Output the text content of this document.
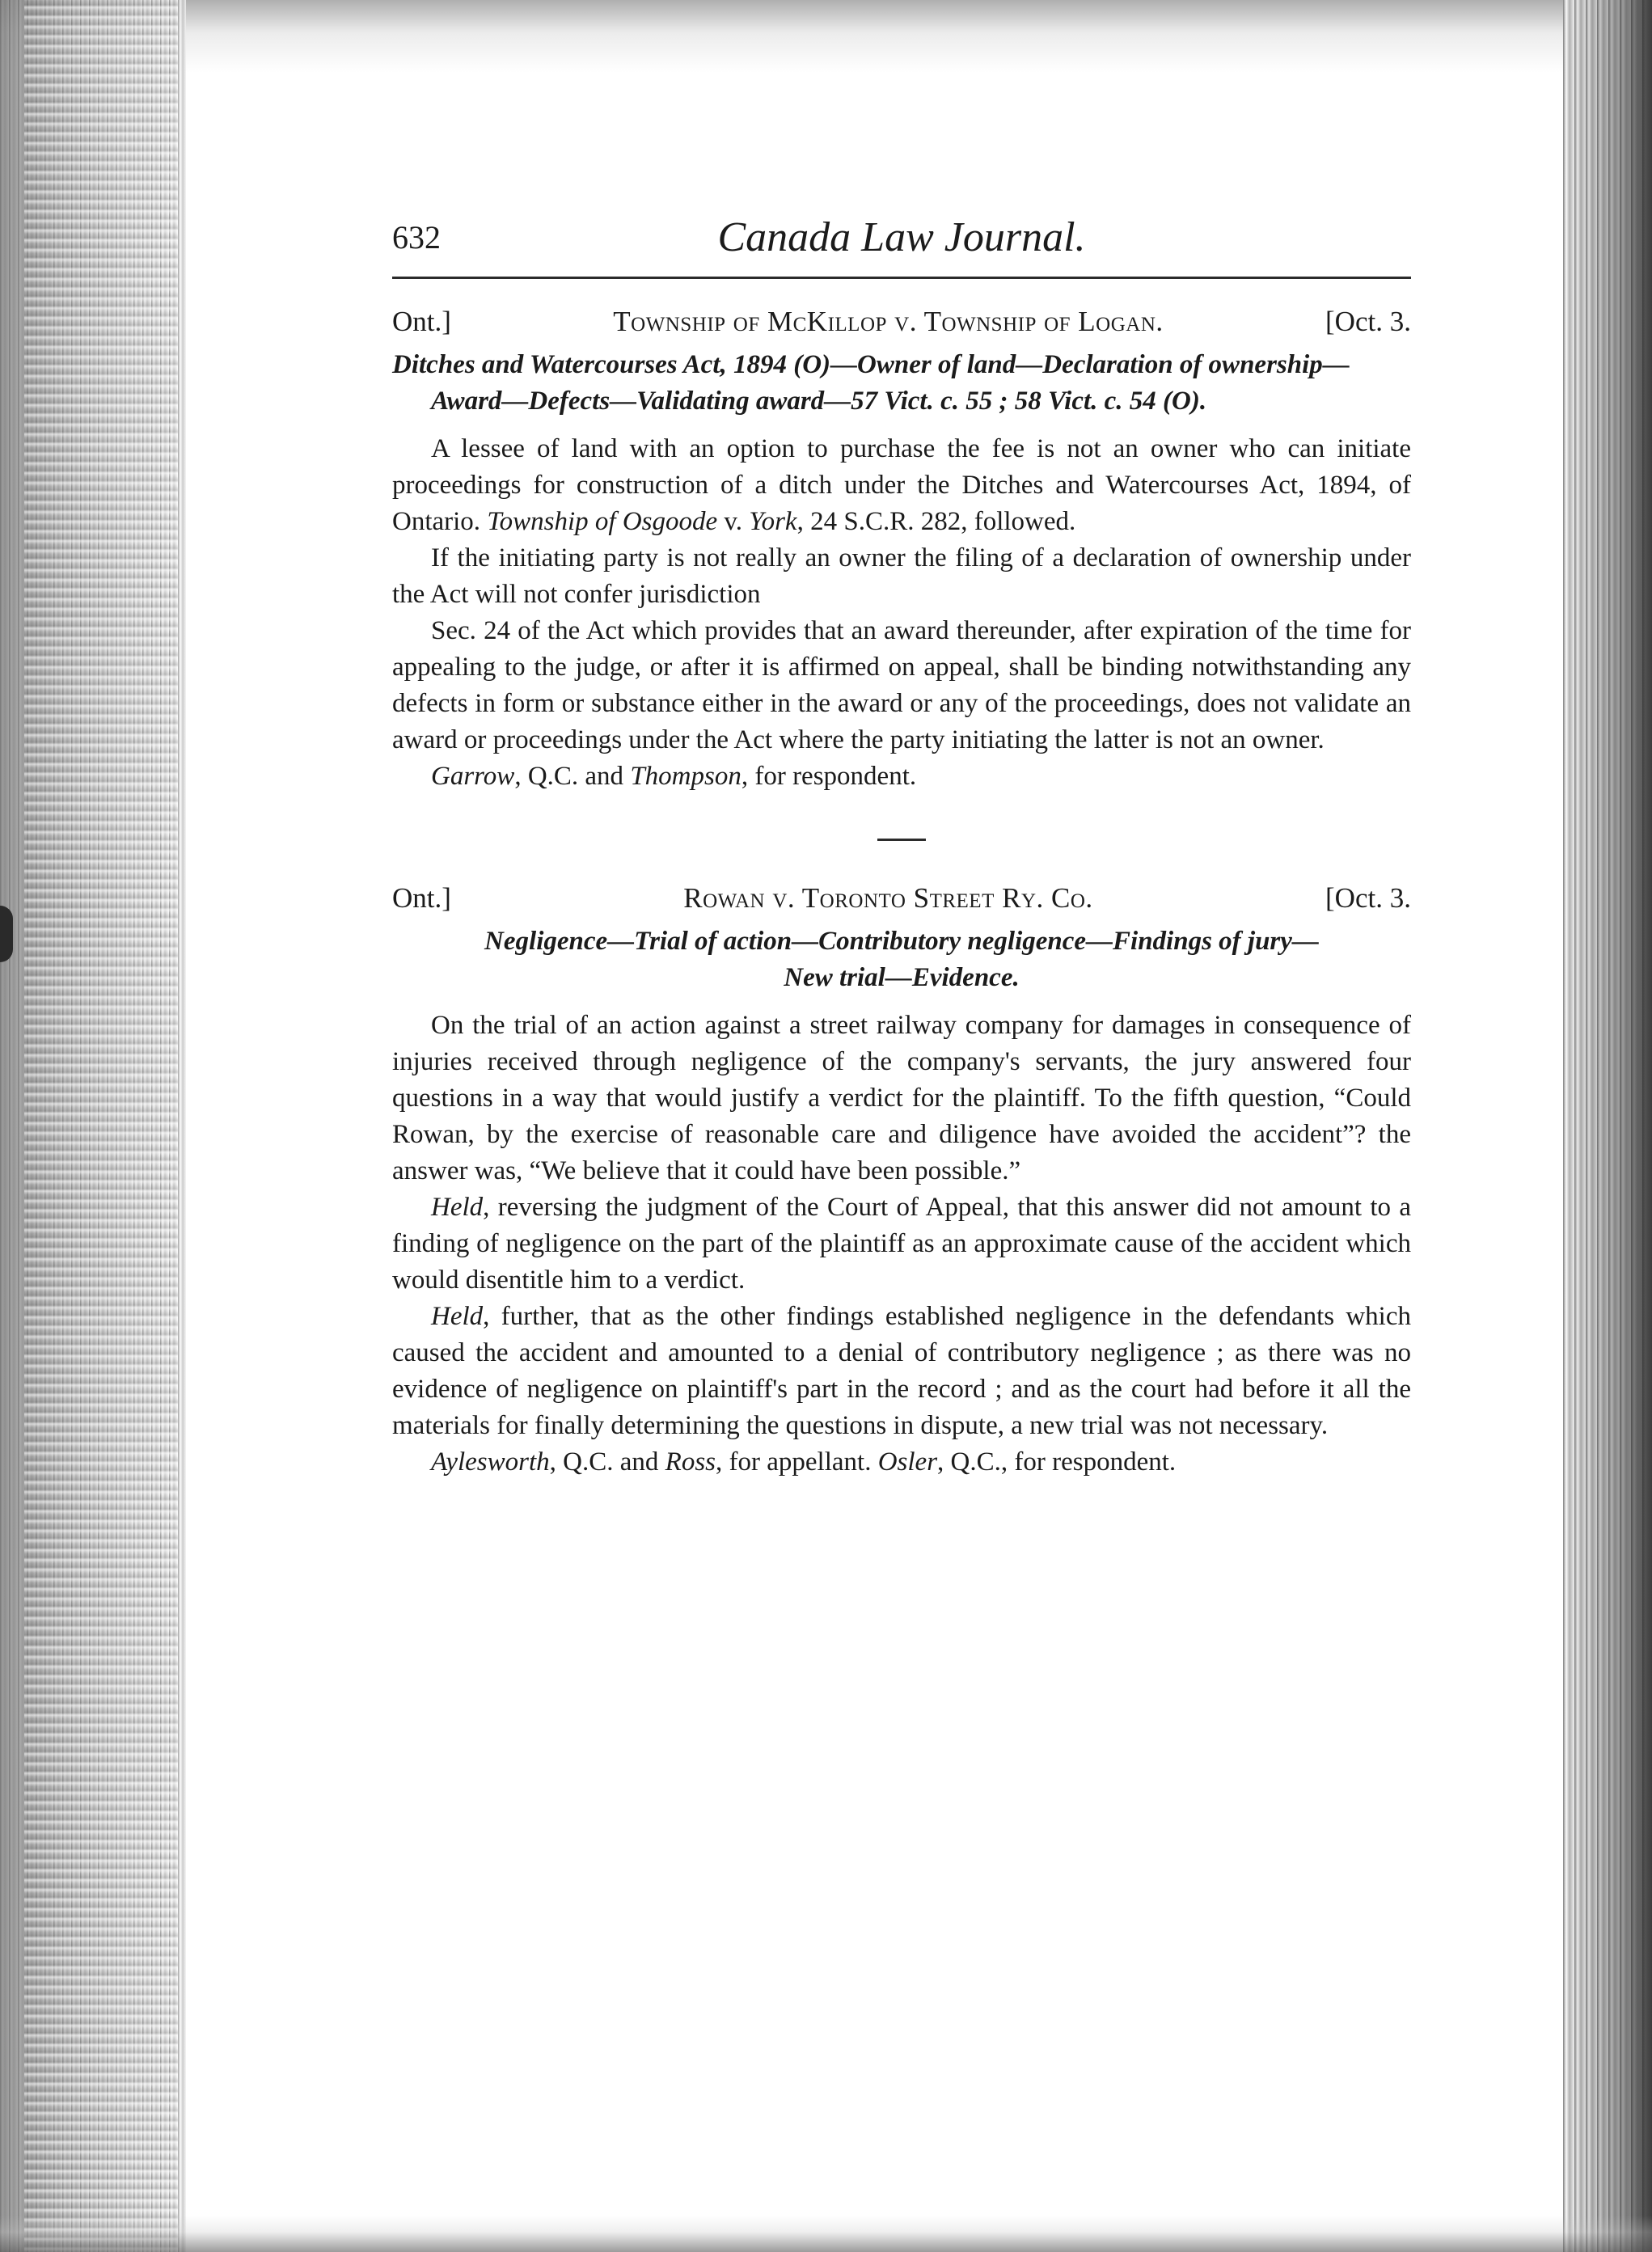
632	Canada Law Journal.
Ont.]	Township of McKillop v. Township of Logan.	[Oct. 3.
Ditches and Watercourses Act, 1894 (O)—Owner of land—Declaration of ownership—Award—Defects—Validating award—57 Vict. c. 55 ; 58 Vict. c. 54 (O).

A lessee of land with an option to purchase the fee is not an owner who can initiate proceedings for construction of a ditch under the Ditches and Watercourses Act, 1894, of Ontario. Township of Osgoode v. York, 24 S.C.R. 282, followed.

If the initiating party is not really an owner the filing of a declaration of ownership under the Act will not confer jurisdiction

Sec. 24 of the Act which provides that an award thereunder, after expiration of the time for appealing to the judge, or after it is affirmed on appeal, shall be binding notwithstanding any defects in form or substance either in the award or any of the proceedings, does not validate an award or proceedings under the Act where the party initiating the latter is not an owner.

Garrow, Q.C. and Thompson, for respondent.
Ont.]	Rowan v. Toronto Street Ry. Co.	[Oct. 3.
Negligence—Trial of action—Contributory negligence—Findings of jury—
New trial—Evidence.

On the trial of an action against a street railway company for damages in consequence of injuries received through negligence of the company's servants, the jury answered four questions in a way that would justify a verdict for the plaintiff. To the fifth question, “Could Rowan, by the exercise of reasonable care and diligence have avoided the accident”? the answer was, “We believe that it could have been possible.”

Held, reversing the judgment of the Court of Appeal, that this answer did not amount to a finding of negligence on the part of the plaintiff as an approximate cause of the accident which would disentitle him to a verdict.

Held, further, that as the other findings established negligence in the defendants which caused the accident and amounted to a denial of contributory negligence ; as there was no evidence of negligence on plaintiff's part in the record ; and as the court had before it all the materials for finally determining the questions in dispute, a new trial was not necessary.

Aylesworth, Q.C. and Ross, for appellant. Osler, Q.C., for respondent.
